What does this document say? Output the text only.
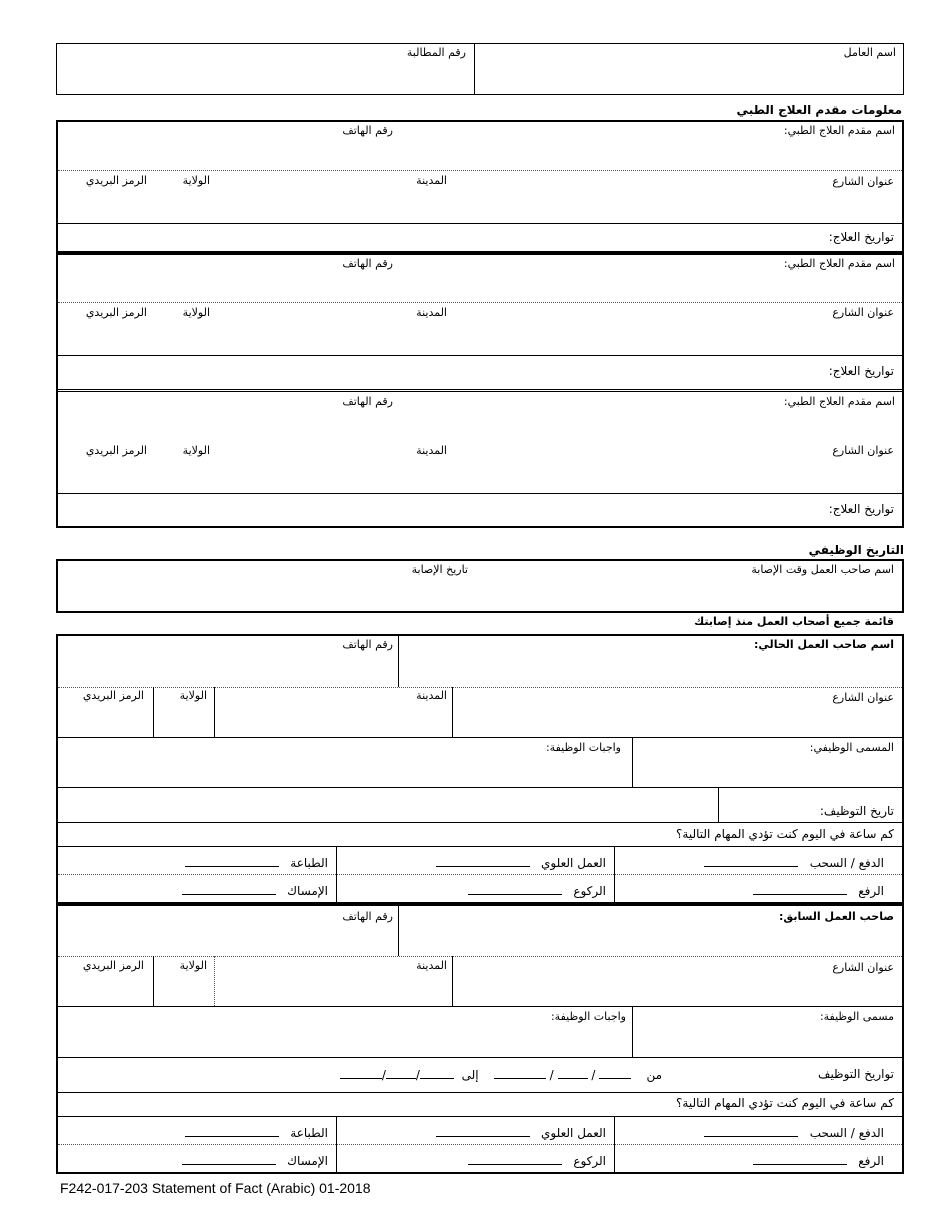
اسم العامل
رقم المطالبة
معلومات مقدم العلاج الطبي
اسم مقدم العلاج الطبي:
رقم الهاتف
عنوان الشارع
المدينة
الولاية
الرمز البريدي
تواريخ العلاج:
اسم مقدم العلاج الطبي:
رقم الهاتف
عنوان الشارع
المدينة
الولاية
الرمز البريدي
تواريخ العلاج:
اسم مقدم العلاج الطبي:
رقم الهاتف
عنوان الشارع
المدينة
الولاية
الرمز البريدي
تواريخ العلاج:
التاريخ الوظيفي
اسم صاحب العمل وقت الإصابة
تاريخ الإصابة
قائمة جميع أصحاب العمل منذ إصابتك
اسم صاحب العمل الحالي:
رقم الهاتف
عنوان الشارع
المدينة
الولاية
الرمز البريدي
المسمى الوظيفي:
واجبات الوظيفة:
تاريخ التوظيف:
كم ساعة في اليوم كنت تؤدي المهام التالية؟
الدفع / السحب
العمل العلوي
الطباعة
الرفع
الركوع
الإمساك
صاحب العمل السابق:
رقم الهاتف
عنوان الشارع
المدينة
الولاية
الرمز البريدي
مسمى الوظيفة:
واجبات الوظيفة:
تواريخ التوظيف
من     /  /     إلى  //
كم ساعة في اليوم كنت تؤدي المهام التالية؟
الدفع / السحب
العمل العلوي
الطباعة
الرفع
الركوع
الإمساك
F242-017-203 Statement of Fact (Arabic) 01-2018
